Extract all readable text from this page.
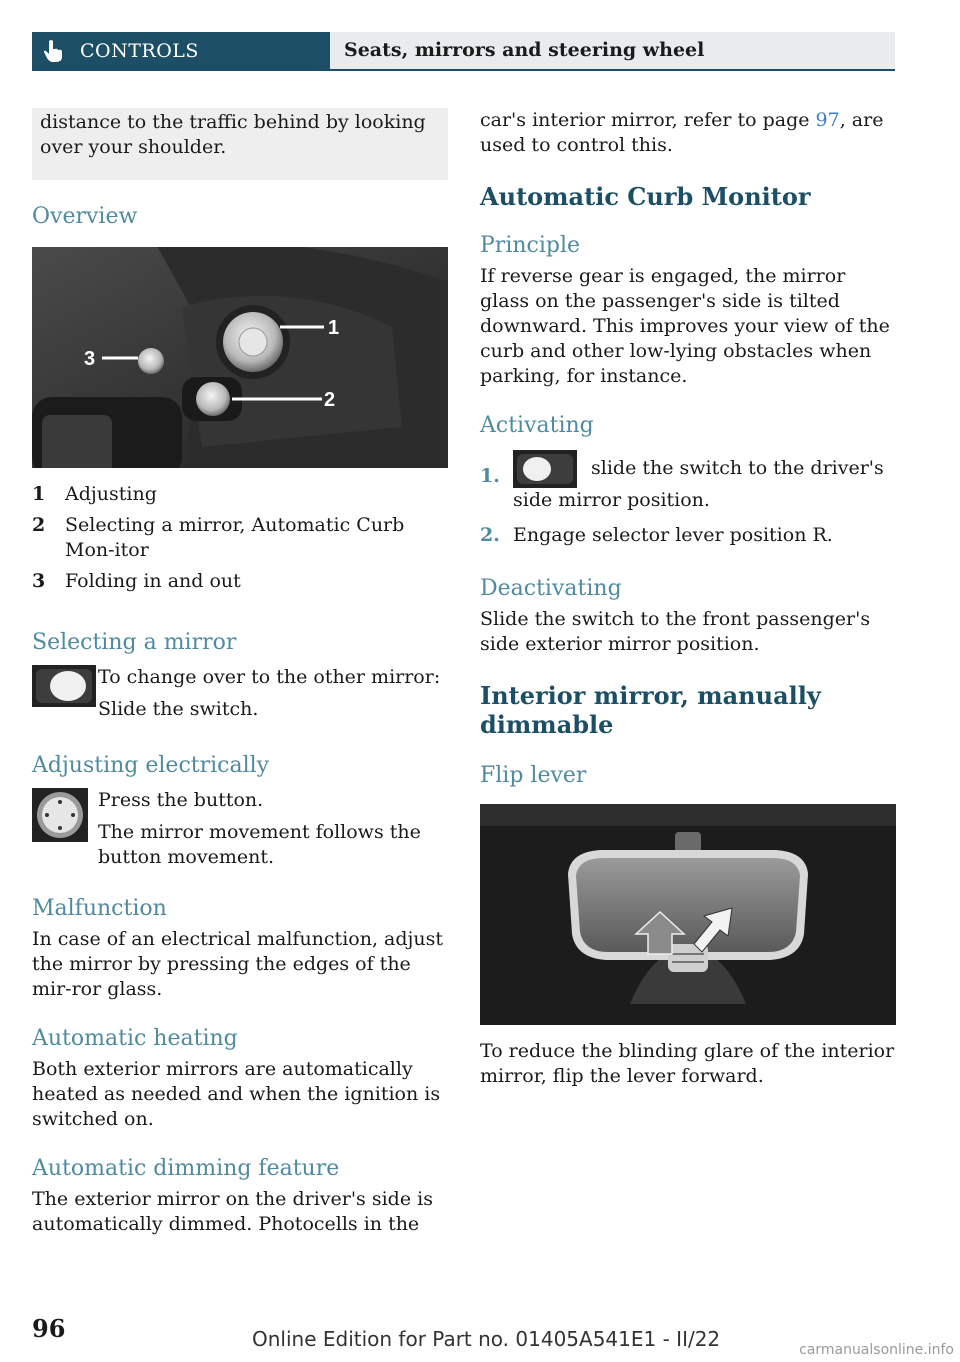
CONTROLS	Seats, mirrors and steering wheel

distance to the traffic behind by looking over your shoulder.

Overview
1
2
3
1 Adjusting
2 Selecting a mirror, Automatic Curb Mon-itor
3 Folding in and out
Selecting a mirror

To change over to the other mirror:

Slide the switch.

Adjusting electrically

Press the button.

The mirror movement follows the button movement.

Malfunction

In case of an electrical malfunction, adjust the mirror by pressing the edges of the mir-ror glass.

Automatic heating

Both exterior mirrors are automatically heated as needed and when the ignition is switched on.

Automatic dimming feature

The exterior mirror on the driver's side is automatically dimmed. Photocells in the

car's interior mirror, refer to page 97, are used to control this.

Automatic Curb Monitor
Principle

If reverse gear is engaged, the mirror glass on the passenger's side is tilted downward. This improves your view of the curb and other low-lying obstacles when parking, for instance.

Activating
1.	slide the switch to the driver's side mirror position.
2. Engage selector lever position R.
Deactivating

Slide the switch to the front passenger's side exterior mirror position.

Interior mirror, manually dimmable
Flip lever

To reduce the blinding glare of the interior mirror, flip the lever forward.

96	Online Edition for Part no. 01405A541E1 - II/22	carmanualsonline.info
